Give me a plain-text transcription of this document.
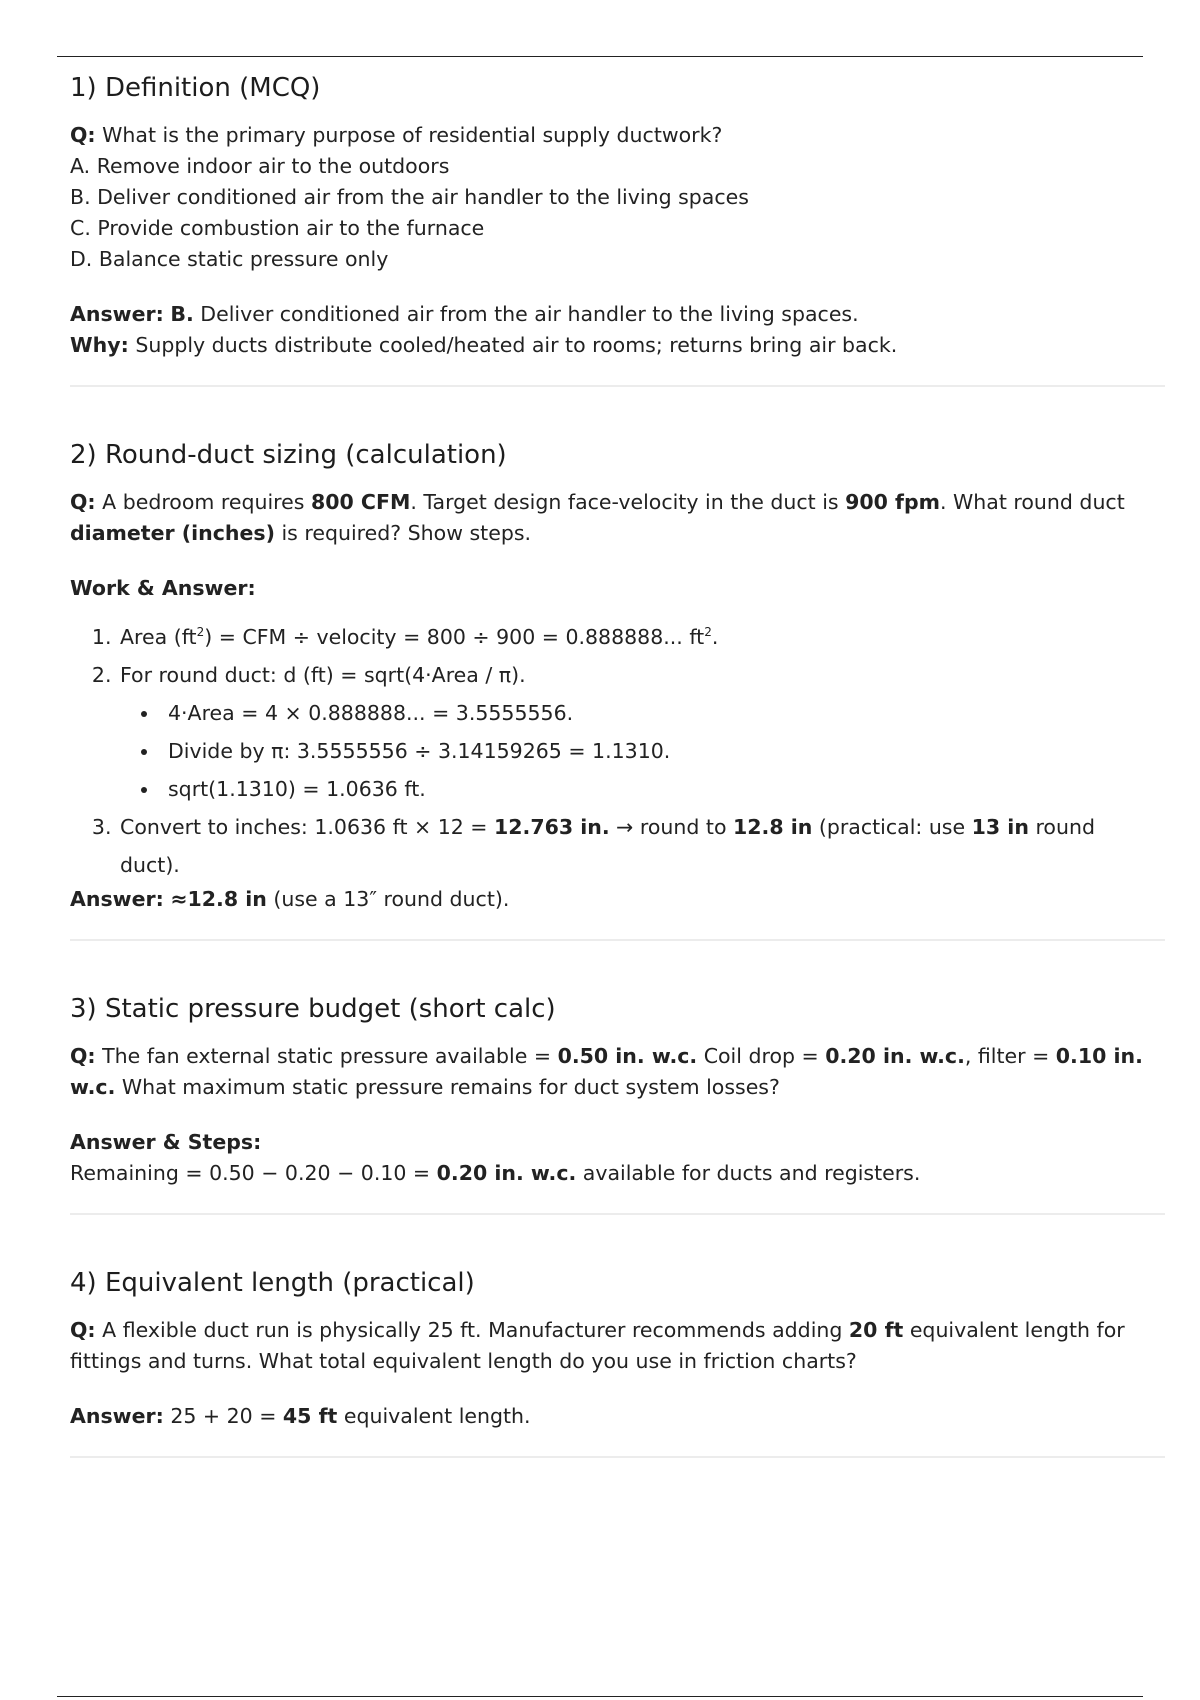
1) Definition (MCQ)

Q: What is the primary purpose of residential supply ductwork?

A. Remove indoor air to the outdoors
B. Deliver conditioned air from the air handler to the living spaces
C. Provide combustion air to the furnace
D. Balance static pressure only

Answer: B. Deliver conditioned air from the air handler to the living spaces.

Why: Supply ducts distribute cooled/heated air to rooms; returns bring air back.

2) Round-duct sizing (calculation)

Q: A bedroom requires 800 CFM. Target design face-velocity in the duct is 900 fpm. What round duct diameter (inches) is required? Show steps.

Work & Answer:

1. Area $(ft^2)$ = CFM ÷ velocity = 800 ÷ 900 = 0.888888... $ft^2$.
2. For round duct: d (ft) = sqrt(4·Area / π).
• 4·Area = 4 × 0.888888... = 3.5555556.
• Divide by π: 3.5555556 ÷ 3.14159265 = 1.1310.
• sqrt(1.1310) = 1.0636 ft.
3. Convert to inches: 1.0636 ft × 12 = 12.763 in. → round to 12.8 in (practical: use 13 in round duct).

Answer: ≈12.8 in (use a 13″ round duct).

3) Static pressure budget (short calc)

Q: The fan external static pressure available = 0.50 in. w.c. Coil drop = 0.20 in. w.c., filter = 0.10 in. w.c. What maximum static pressure remains for duct system losses?

Answer & Steps:

Remaining = 0.50 − 0.20 − 0.10 = 0.20 in. w.c. available for ducts and registers.

4) Equivalent length (practical)

Q: A flexible duct run is physically 25 ft. Manufacturer recommends adding 20 ft equivalent length for fittings and turns. What total equivalent length do you use in friction charts?

Answer: 25 + 20 = 45 ft equivalent length.
